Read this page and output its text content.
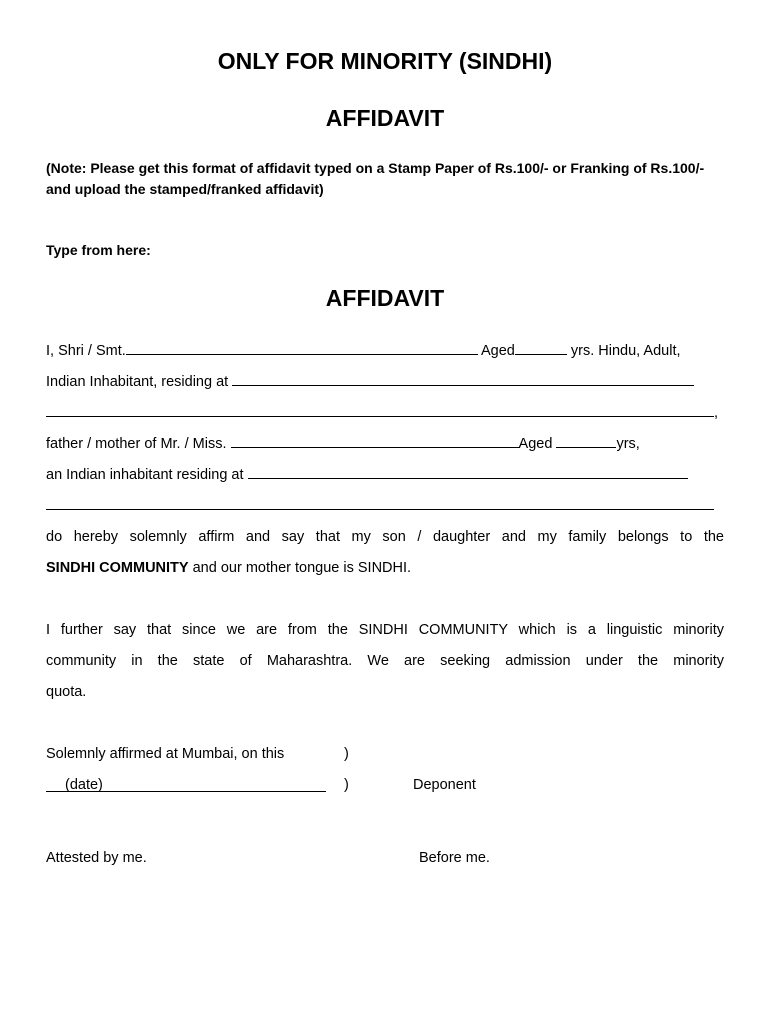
ONLY FOR MINORITY (SINDHI)
AFFIDAVIT
(Note: Please get this format of affidavit typed on a Stamp Paper of Rs.100/- or Franking of Rs.100/- and upload the stamped/franked affidavit)
Type from here:
AFFIDAVIT
I, Shri / Smt.	Aged	yrs. Hindu, Adult,
Indian Inhabitant, residing at
,
father / mother of Mr. / Miss.	Aged	yrs,
an Indian inhabitant residing at
do hereby solemnly affirm and say that my son / daughter and my family belongs to the
SINDHI COMMUNITY and our mother tongue is SINDHI.
I further say that since we are from the SINDHI COMMUNITY which is a linguistic minority
community in the state of Maharashtra. We are seeking admission under the minority
quota.
Solemnly affirmed at Mumbai, on this	)
(date)	)	Deponent
Attested by me.	Before me.
